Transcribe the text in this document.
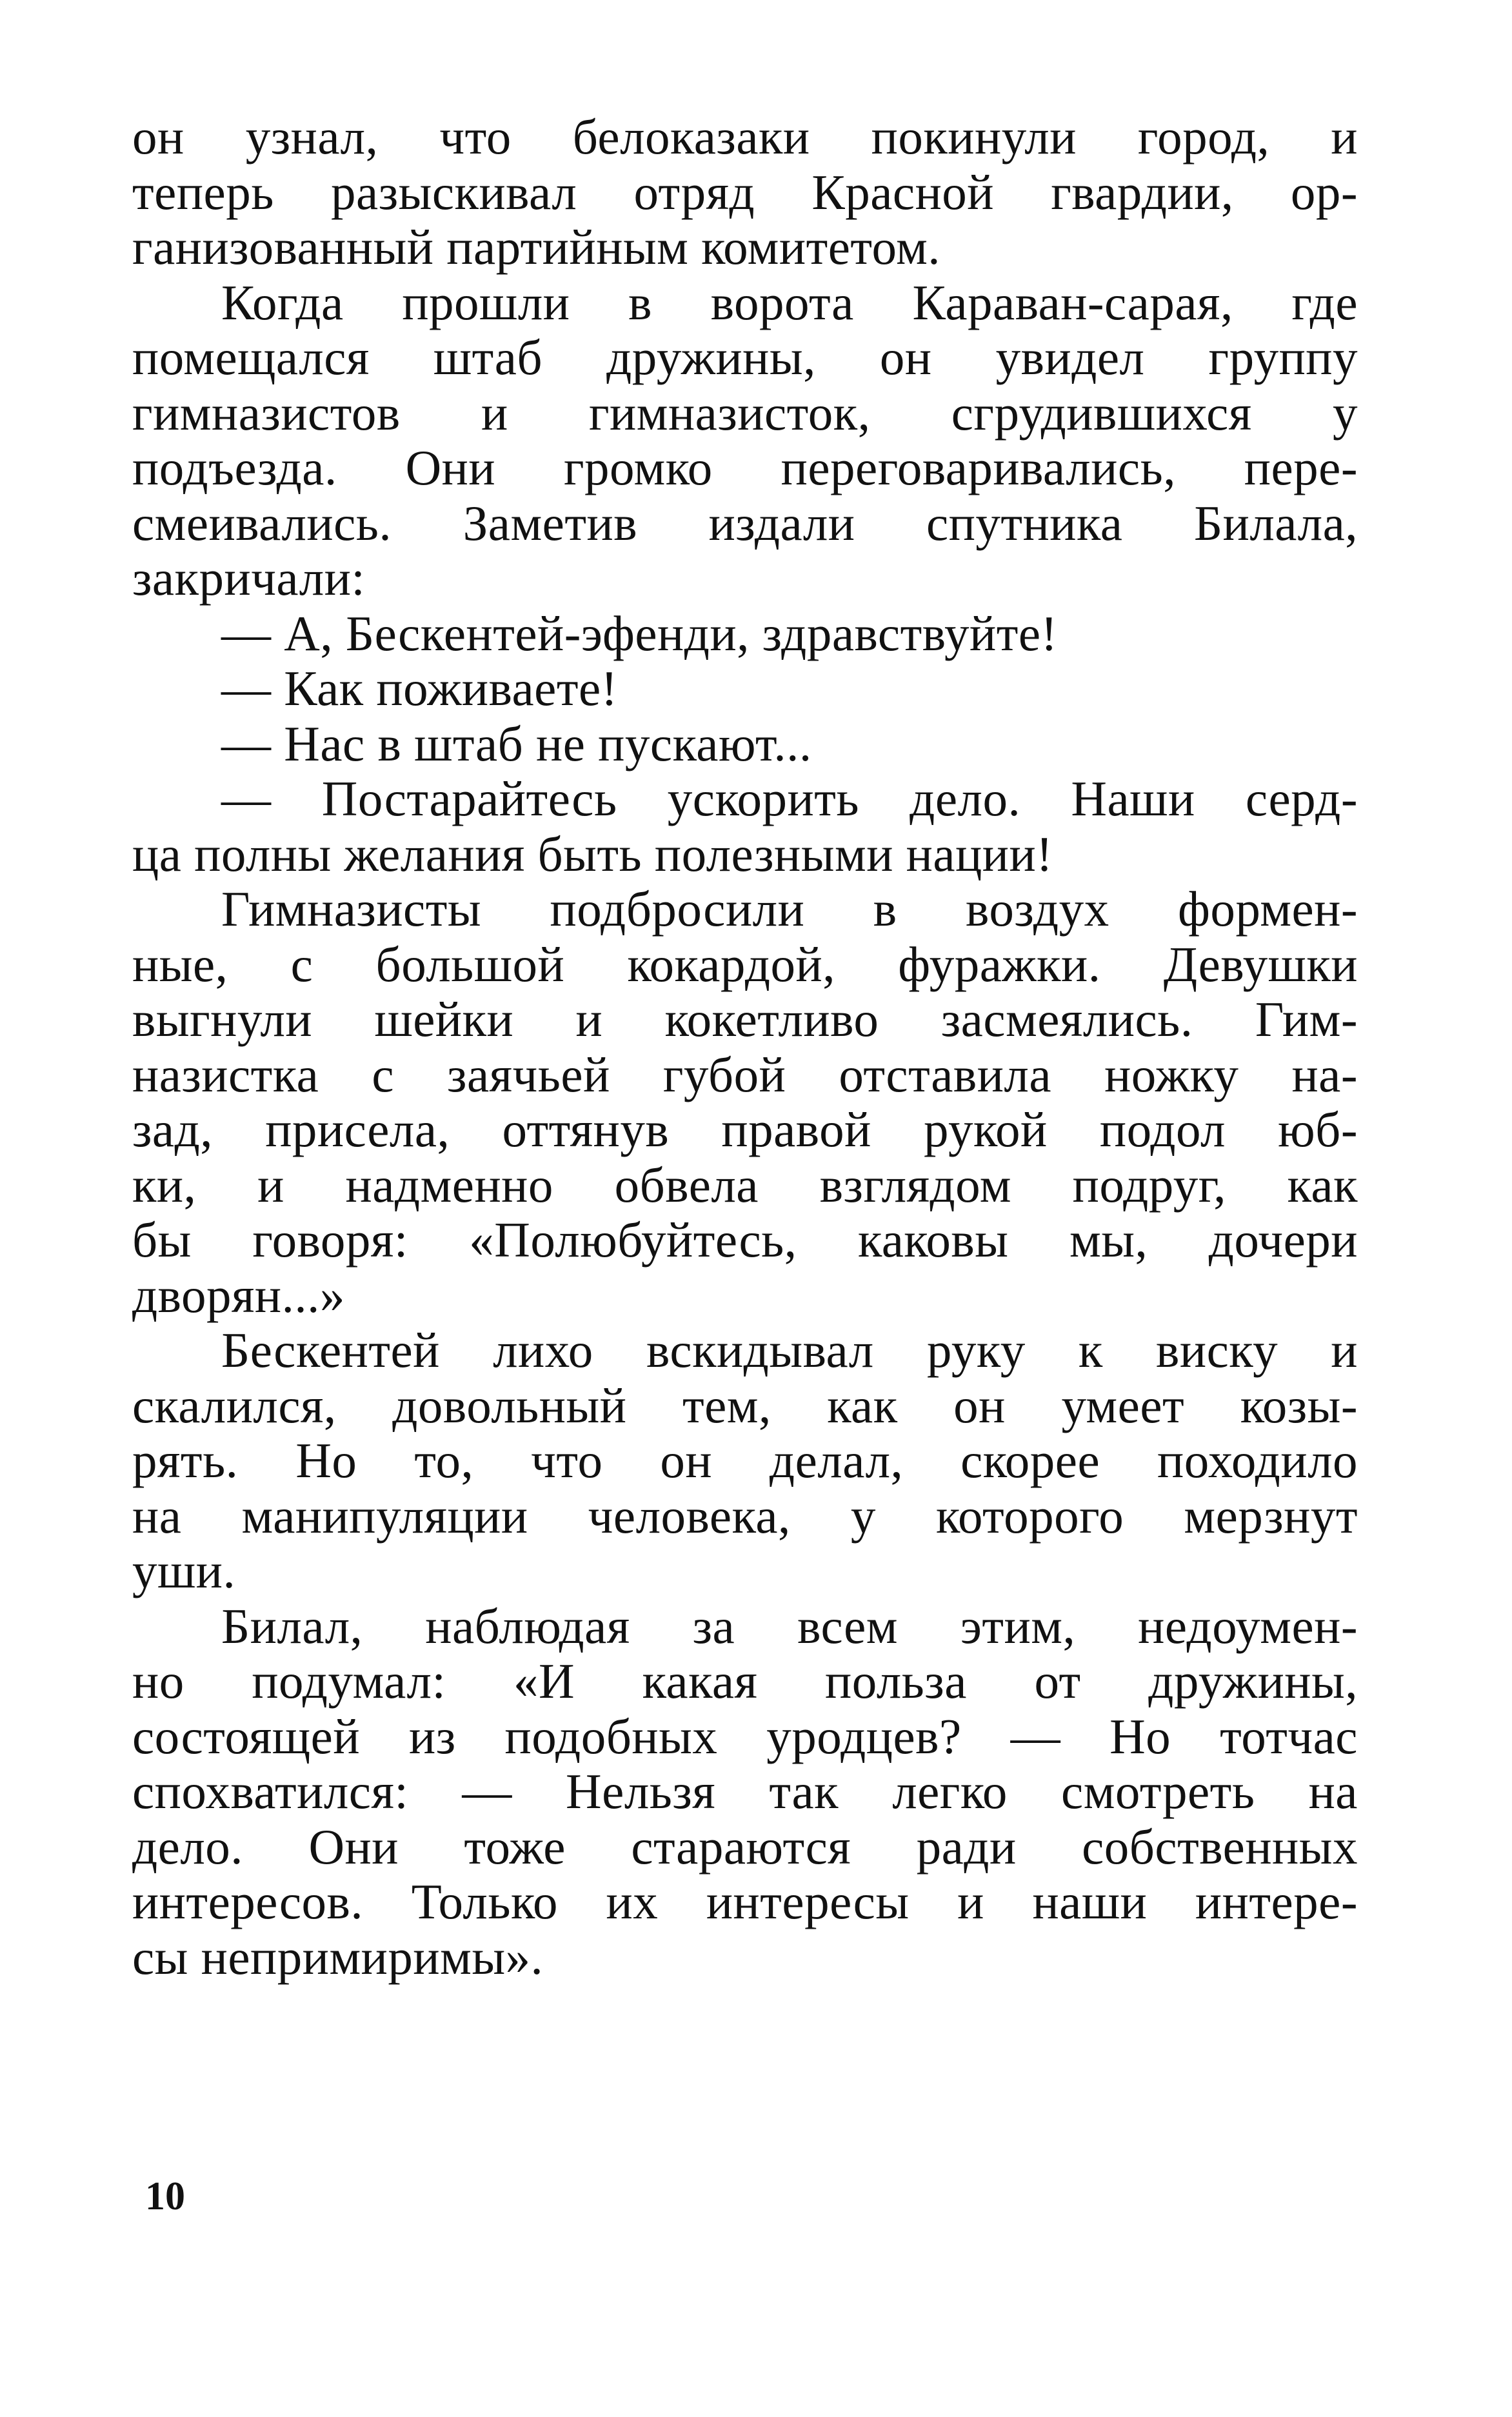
он узнал, что белоказаки покинули город, и
теперь разыскивал отряд Красной гвардии, ор-
ганизованный партийным комитетом.
Когда прошли в ворота Караван-сарая, где
помещался штаб дружины, он увидел группу
гимназистов и гимназисток, сгрудившихся у
подъезда. Они громко переговаривались, пере-
смеивались. Заметив издали спутника Билала,
закричали:
— А, Бескентей-эфенди, здравствуйте!
— Как поживаете!
— Нас в штаб не пускают...
— Постарайтесь ускорить дело. Наши серд-
ца полны желания быть полезными нации!
Гимназисты подбросили в воздух формен-
ные, с большой кокардой, фуражки. Девушки
выгнули шейки и кокетливо засмеялись. Гим-
назистка с заячьей губой отставила ножку на-
зад, присела, оттянув правой рукой подол юб-
ки, и надменно обвела взглядом подруг, как
бы говоря: «Полюбуйтесь, каковы мы, дочери
дворян...»
Бескентей лихо вскидывал руку к виску и
скалился, довольный тем, как он умеет козы-
рять. Но то, что он делал, скорее походило
на манипуляции человека, у которого мерзнут
уши.
Билал, наблюдая за всем этим, недоумен-
но подумал: «И какая польза от дружины,
состоящей из подобных уродцев? — Но тотчас
спохватился: — Нельзя так легко смотреть на
дело. Они тоже стараются ради собственных
интересов. Только их интересы и наши интере-
сы непримиримы».
10
